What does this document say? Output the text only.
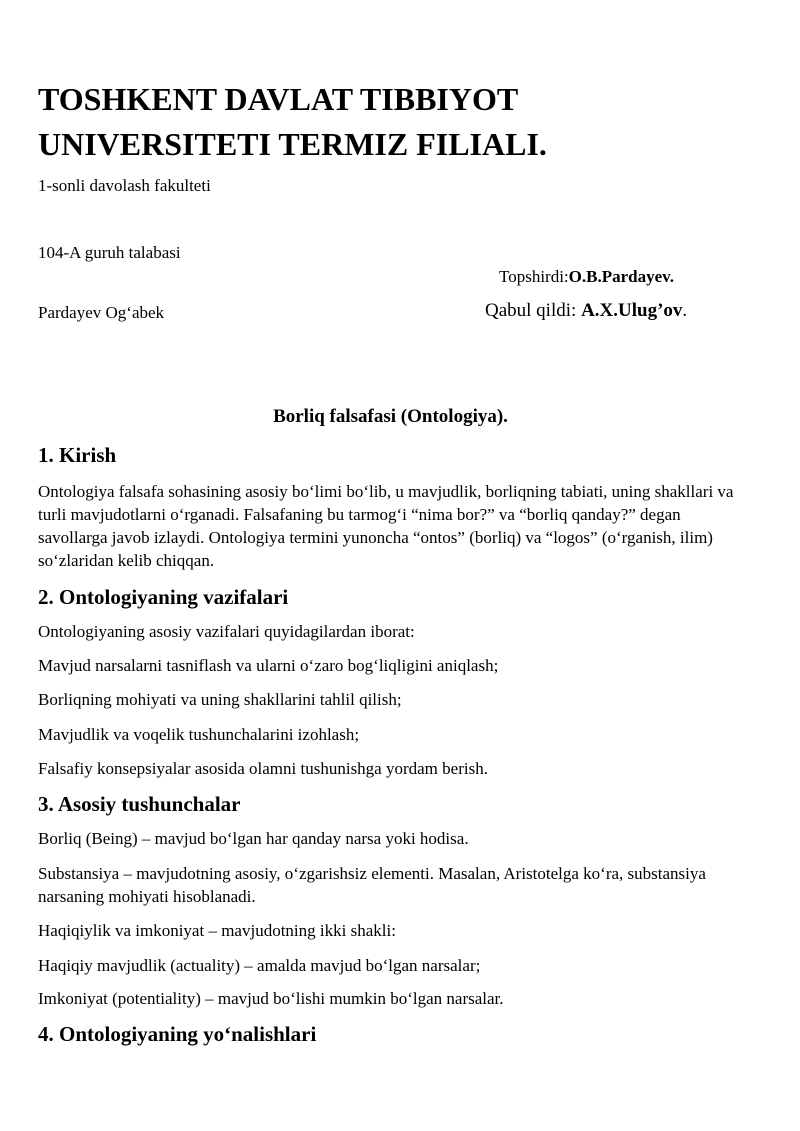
TOSHKENT DAVLAT TIBBIYOT
UNIVERSITETI TERMIZ FILIALI.
1-sonli davolash fakulteti
104-A guruh talabasi
Topshirdi:O.B.Pardayev.
Pardayev Og‘abek	Qabul qildi: A.X.Ulug’ov.
Borliq falsafasi (Ontologiya).
1. Kirish
Ontologiya falsafa sohasining asosiy bo‘limi bo‘lib, u mavjudlik, borliqning tabiati, uning shakllari va turli mavjudotlarni o‘rganadi. Falsafaning bu tarmog‘i “nima bor?” va “borliq qanday?” degan savollarga javob izlaydi. Ontologiya termini yunoncha “ontos” (borliq) va “logos” (o‘rganish, ilim) so‘zlaridan kelib chiqqan.
2. Ontologiyaning vazifalari
Ontologiyaning asosiy vazifalari quyidagilardan iborat:
Mavjud narsalarni tasniflash va ularni o‘zaro bog‘liqligini aniqlash;
Borliqning mohiyati va uning shakllarini tahlil qilish;
Mavjudlik va voqelik tushunchalarini izohlash;
Falsafiy konsepsiyalar asosida olamni tushunishga yordam berish.
3. Asosiy tushunchalar
Borliq (Being) – mavjud bo‘lgan har qanday narsa yoki hodisa.
Substansiya – mavjudotning asosiy, o‘zgarishsiz elementi. Masalan, Aristotelga ko‘ra, substansiya narsaning mohiyati hisoblanadi.
Haqiqiylik va imkoniyat – mavjudotning ikki shakli:
Haqiqiy mavjudlik (actuality) – amalda mavjud bo‘lgan narsalar;
Imkoniyat (potentiality) – mavjud bo‘lishi mumkin bo‘lgan narsalar.
4. Ontologiyaning yo‘nalishlari
